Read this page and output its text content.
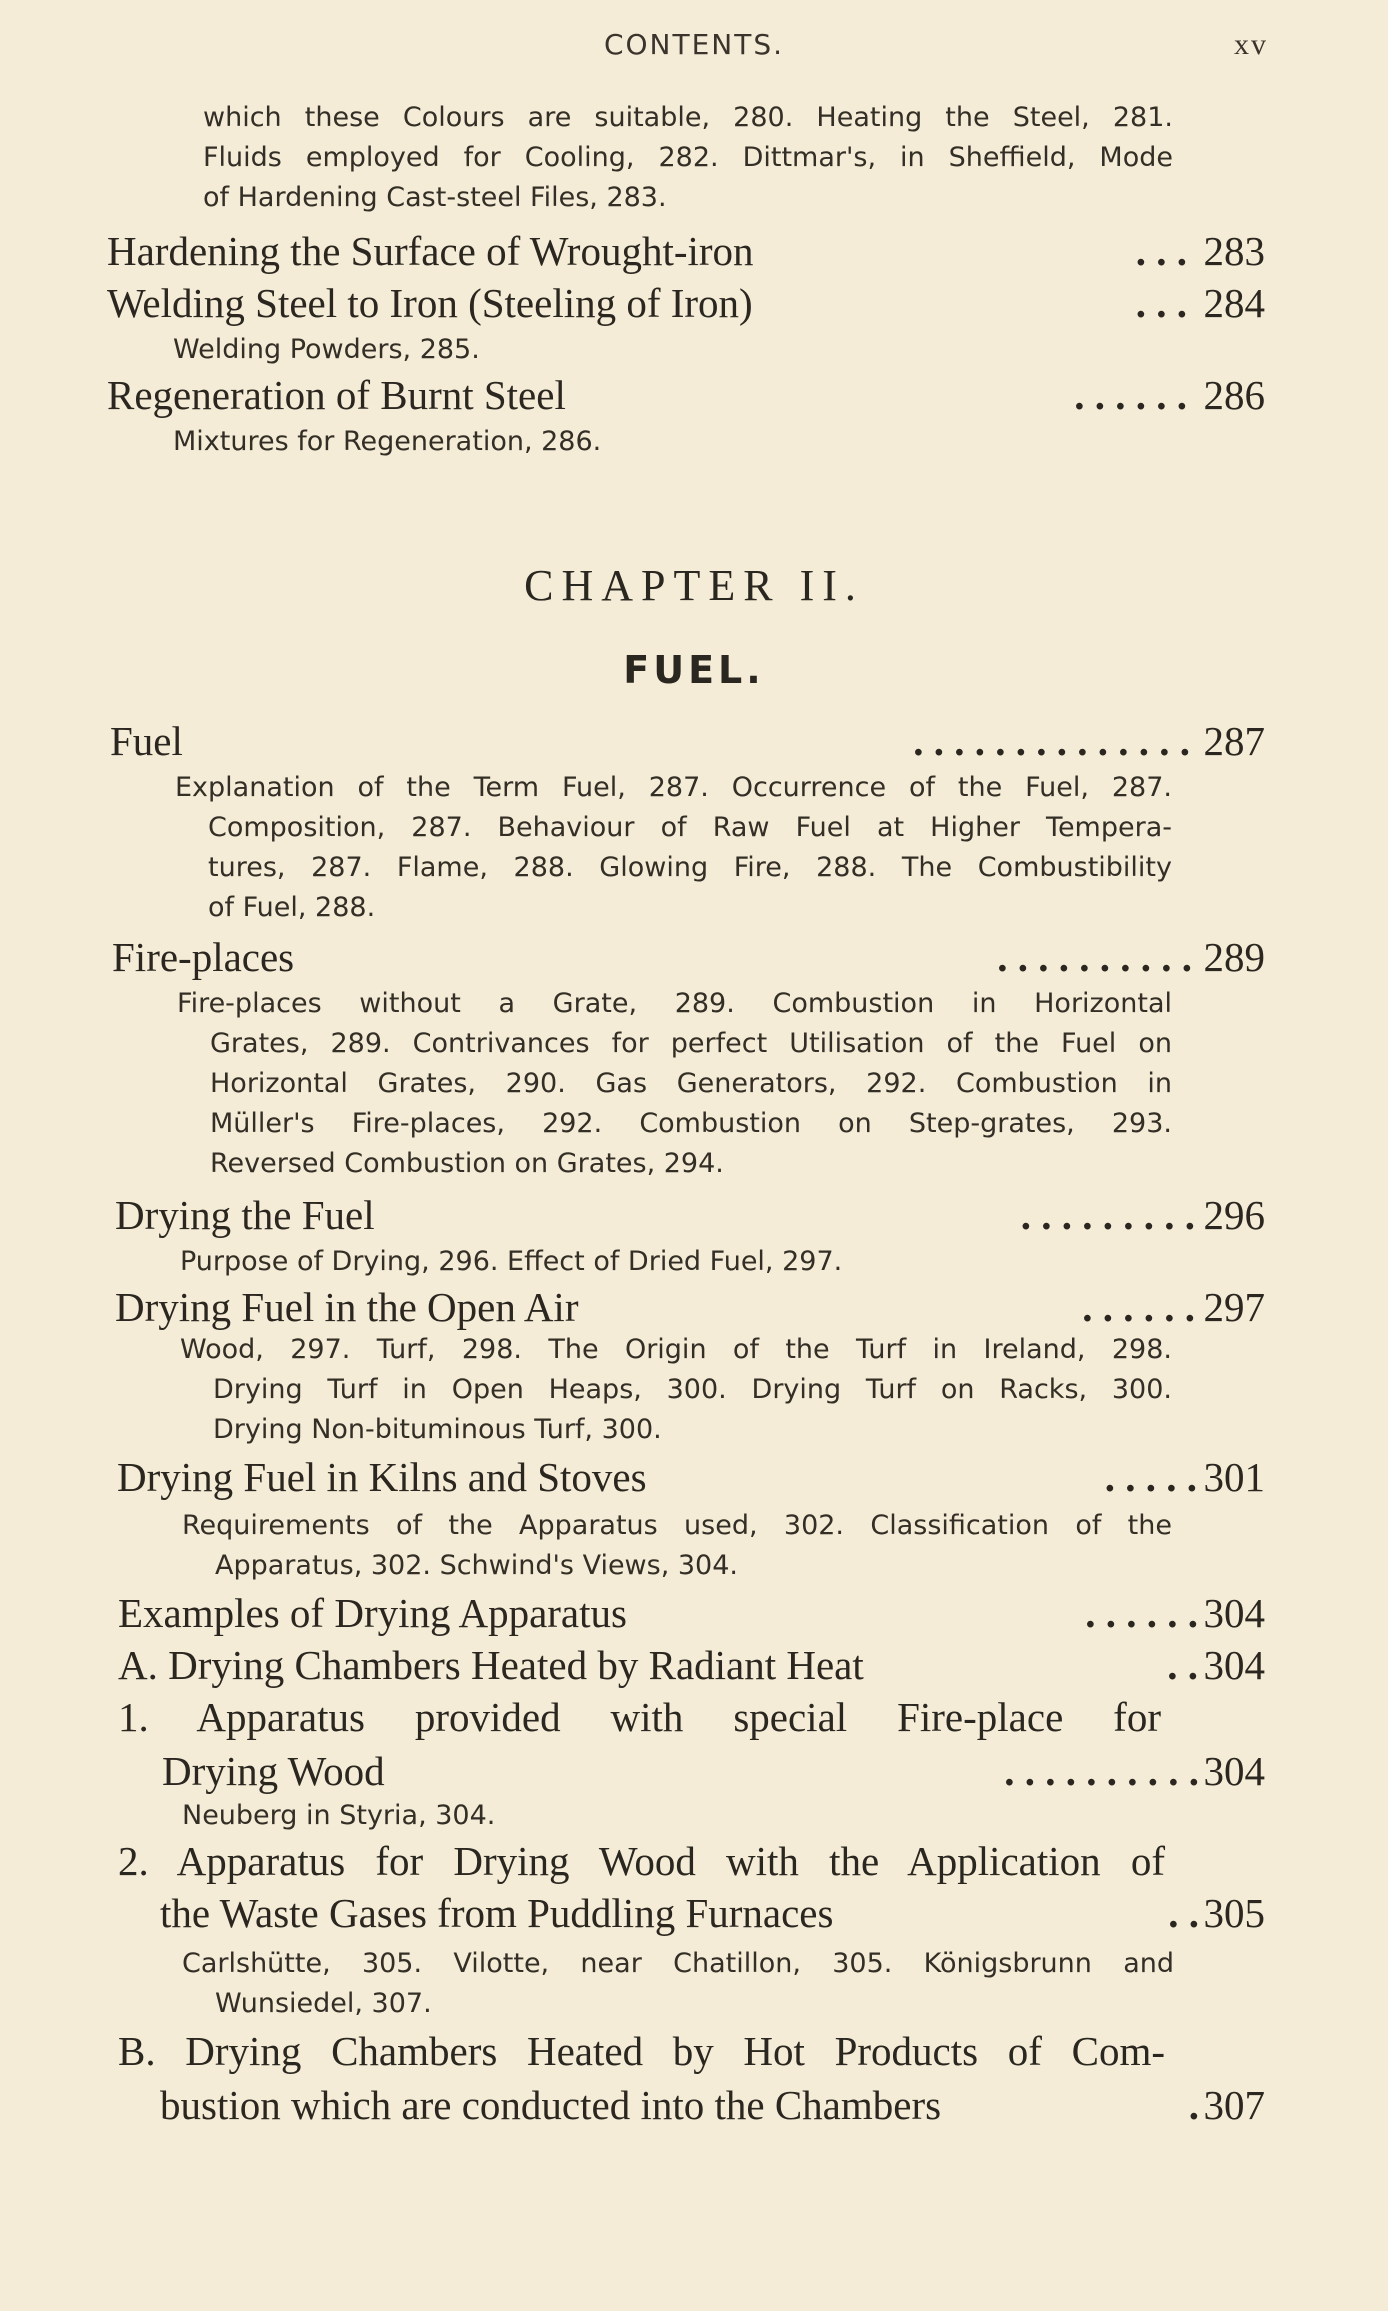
CONTENTS.	xv
which these Colours are suitable, 280. Heating the Steel, 281.
Fluids employed for Cooling, 282. Dittmar's, in Sheffield, Mode
of Hardening Cast-steel Files, 283.
Hardening the Surface of Wrought-iron	. . . 283
Welding Steel to Iron (Steeling of Iron)	. . . 284
Welding Powders, 285.
Regeneration of Burnt Steel	. . . . . . 286
Mixtures for Regeneration, 286.
CHAPTER II.
FUEL.
Fuel	. . . . . . . . . . . . . . 287
Explanation of the Term Fuel, 287. Occurrence of the Fuel, 287.
Composition, 287. Behaviour of Raw Fuel at Higher Tempera-
tures, 287. Flame, 288. Glowing Fire, 288. The Combustibility
of Fuel, 288.
Fire-places	. . . . . . . . . . 289
Fire-places without a Grate, 289. Combustion in Horizontal
Grates, 289. Contrivances for perfect Utilisation of the Fuel on
Horizontal Grates, 290. Gas Generators, 292. Combustion in
Müller's Fire-places, 292. Combustion on Step-grates, 293.
Reversed Combustion on Grates, 294.
Drying the Fuel	. . . . . . . . . 296
Purpose of Drying, 296. Effect of Dried Fuel, 297.
Drying Fuel in the Open Air	. . . . . . 297
Wood, 297. Turf, 298. The Origin of the Turf in Ireland, 298.
Drying Turf in Open Heaps, 300. Drying Turf on Racks, 300.
Drying Non-bituminous Turf, 300.
Drying Fuel in Kilns and Stoves	. . . . . 301
Requirements of the Apparatus used, 302. Classification of the
Apparatus, 302. Schwind's Views, 304.
Examples of Drying Apparatus	. . . . . . 304
A. Drying Chambers Heated by Radiant Heat	. . 304
1. Apparatus provided with special Fire-place for
Drying Wood	. . . . . . . . . . 304
Neuberg in Styria, 304.
2. Apparatus for Drying Wood with the Application of
the Waste Gases from Puddling Furnaces	. . 305
Carlshütte, 305. Vilotte, near Chatillon, 305. Königsbrunn and
Wunsiedel, 307.
B. Drying Chambers Heated by Hot Products of Com-
bustion which are conducted into the Chambers	. 307
